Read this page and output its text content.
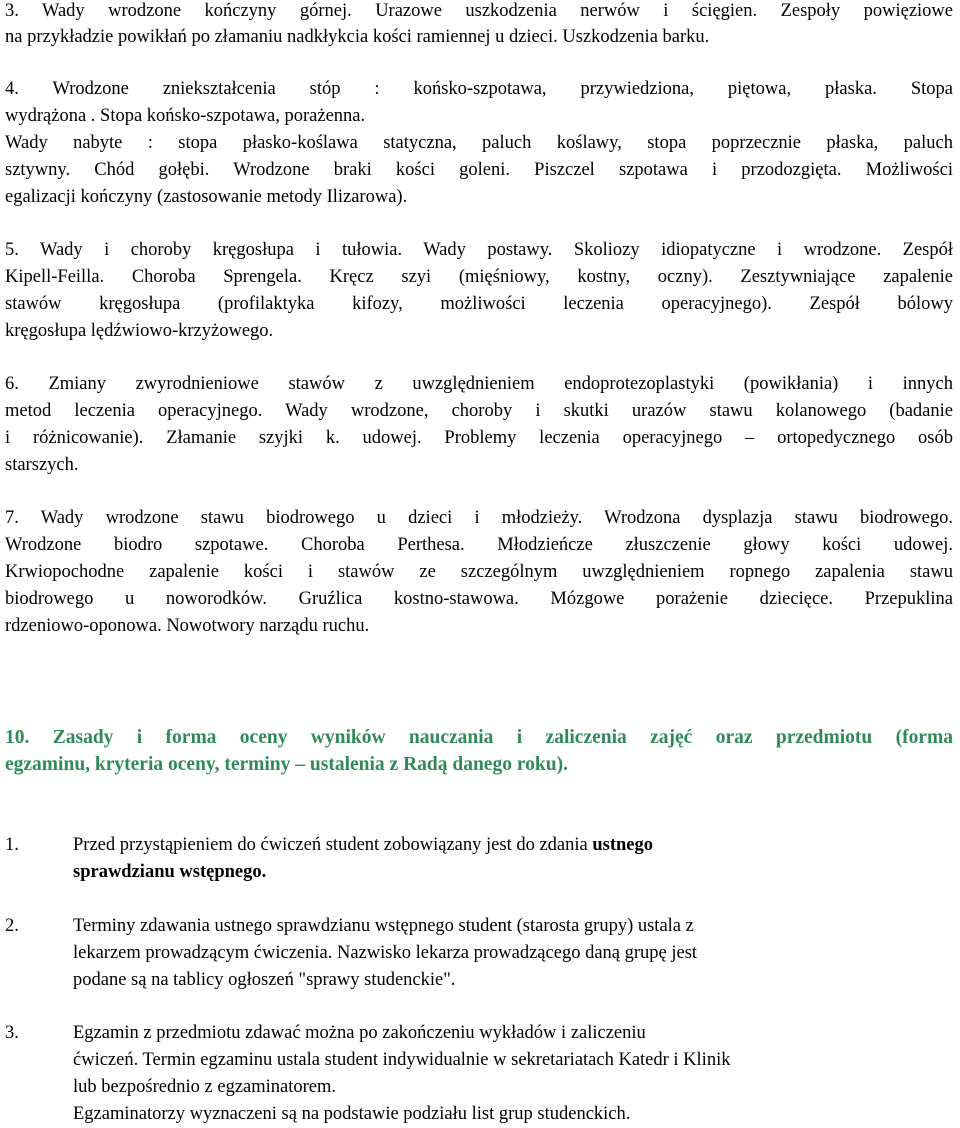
3. Wady wrodzone kończyny górnej. Urazowe uszkodzenia nerwów i ścięgien. Zespoły powięziowe
na przykładzie powikłań po złamaniu nadkłykcia kości ramiennej u dzieci. Uszkodzenia barku.
4. Wrodzone zniekształcenia stóp : końsko-szpotawa, przywiedziona, piętowa, płaska. Stopa
wydrążona . Stopa końsko-szpotawa, porażenna.
Wady nabyte : stopa płasko-koślawa statyczna, paluch koślawy, stopa poprzecznie płaska, paluch
sztywny. Chód gołębi. Wrodzone braki kości goleni. Piszczel szpotawa i przodozgięta. Możliwości
egalizacji kończyny (zastosowanie metody Ilizarowa).
5. Wady i choroby kręgosłupa i tułowia. Wady postawy. Skoliozy idiopatyczne i wrodzone. Zespół
Kipell-Feilla. Choroba Sprengela. Kręcz szyi (mięśniowy, kostny, oczny). Zesztywniające zapalenie
stawów kręgosłupa (profilaktyka kifozy, możliwości leczenia operacyjnego). Zespół bólowy
kręgosłupa lędźwiowo-krzyżowego.
6. Zmiany zwyrodnieniowe stawów z uwzględnieniem endoprotezoplastyki (powikłania) i innych
metod leczenia operacyjnego. Wady wrodzone, choroby i skutki urazów stawu kolanowego (badanie
i różnicowanie). Złamanie szyjki k. udowej. Problemy leczenia operacyjnego – ortopedycznego osób
starszych.
7. Wady wrodzone stawu biodrowego u dzieci i młodzieży. Wrodzona dysplazja stawu biodrowego.
Wrodzone biodro szpotawe. Choroba Perthesa. Młodzieńcze złuszczenie głowy kości udowej.
Krwiopochodne zapalenie kości i stawów ze szczególnym uwzględnieniem ropnego zapalenia stawu
biodrowego u noworodków. Gruźlica kostno-stawowa. Mózgowe porażenie dziecięce. Przepuklina
rdzeniowo-oponowa. Nowotwory narządu ruchu.
10. Zasady i forma oceny wyników nauczania i zaliczenia zajęć oraz przedmiotu (forma
egzaminu, kryteria oceny, terminy – ustalenia z Radą danego roku).
1.	Przed przystąpieniem do ćwiczeń student zobowiązany jest do zdania ustnego
sprawdzianu wstępnego.
2.	Terminy zdawania ustnego sprawdzianu wstępnego student (starosta grupy) ustala z
lekarzem prowadzącym ćwiczenia. Nazwisko lekarza prowadzącego daną grupę jest
podane są na tablicy ogłoszeń "sprawy studenckie".
3.	Egzamin z przedmiotu zdawać można po zakończeniu wykładów i zaliczeniu
ćwiczeń. Termin egzaminu ustala student indywidualnie w sekretariatach Katedr i Klinik
lub bezpośrednio z egzaminatorem.
Egzaminatorzy wyznaczeni są na podstawie podziału list grup studenckich.
